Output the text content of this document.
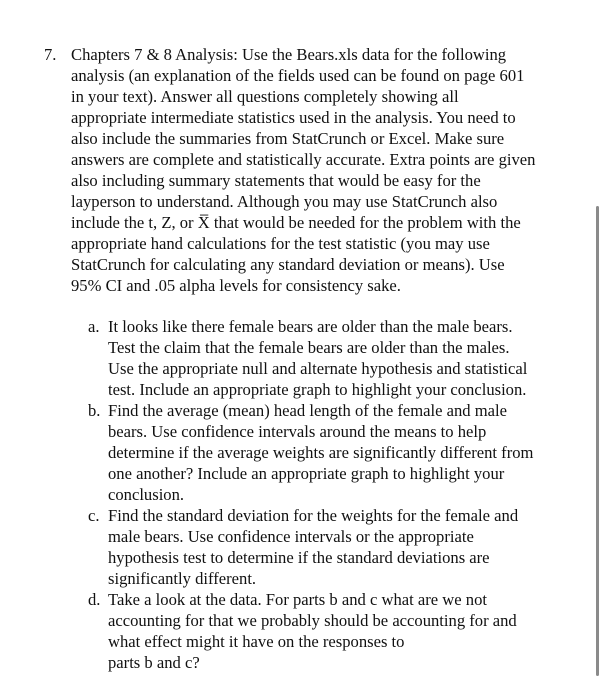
7. Chapters 7 & 8 Analysis: Use the Bears.xls data for the following
analysis (an explanation of the fields used can be found on page 601
in your text). Answer all questions completely showing all
appropriate intermediate statistics used in the analysis. You need to
also include the summaries from StatCrunch or Excel. Make sure
answers are complete and statistically accurate. Extra points are given
also including summary statements that would be easy for the
layperson to understand. Although you may use StatCrunch also
include the t, Z, or X̅ that would be needed for the problem with the
appropriate hand calculations for the test statistic (you may use
StatCrunch for calculating any standard deviation or means). Use
95% CI and .05 alpha levels for consistency sake.
a. It looks like there female bears are older than the male bears.
Test the claim that the female bears are older than the males.
Use the appropriate null and alternate hypothesis and statistical
test. Include an appropriate graph to highlight your conclusion.
b. Find the average (mean) head length of the female and male
bears. Use confidence intervals around the means to help
determine if the average weights are significantly different from
one another? Include an appropriate graph to highlight your
conclusion.
c. Find the standard deviation for the weights for the female and
male bears. Use confidence intervals or the appropriate
hypothesis test to determine if the standard deviations are
significantly different.
d. Take a look at the data. For parts b and c what are we not
accounting for that we probably should be accounting for and
what effect might it have on the responses to
parts b and c?
